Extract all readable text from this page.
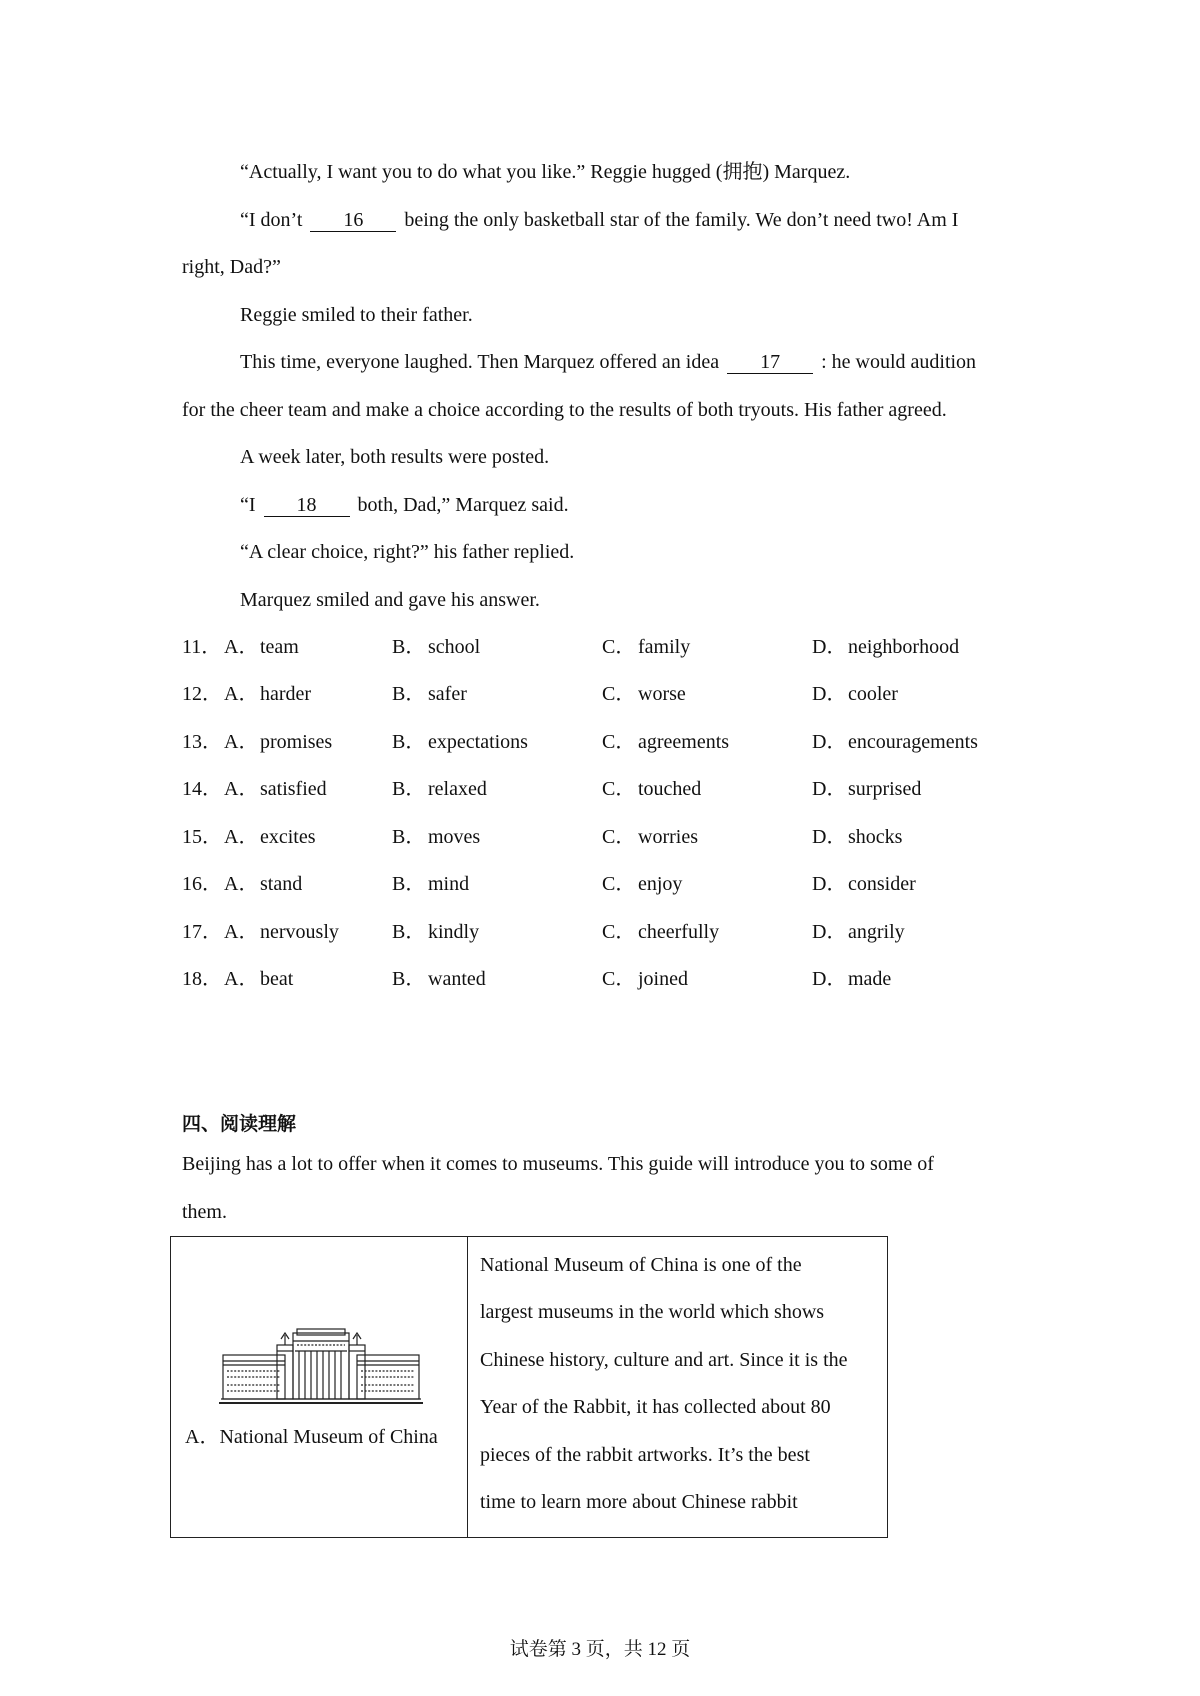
“Actually, I want you to do what you like.” Reggie hugged (拥抱) Marquez.
“I don’t 16 being the only basketball star of the family. We don’t need two! Am I
right, Dad?”
Reggie smiled to their father.
This time, everyone laughed. Then Marquez offered an idea 17 : he would audition
for the cheer team and make a choice according to the results of both tryouts. His father agreed.
A week later, both results were posted.
“I 18 both, Dad,” Marquez said.
“A clear choice, right?” his father replied.
Marquez smiled and gave his answer.
11． A．team	B． school	C． family	D．neighborhood
12． A．harder	B． safer	C． worse	D．cooler
13． A．promises	B． expectations	C． agreements	D．encouragements
14． A．satisfied	B． relaxed	C． touched	D．surprised
15． A．excites	B． moves	C． worries	D．shocks
16． A．stand	B． mind	C． enjoy	D．consider
17． A．nervously	B． kindly	C． cheerfully	D．angrily
18． A．beat	B． wanted	C． joined	D．made
四、阅读理解
Beijing has a lot to offer when it comes to museums. This guide will introduce you to some of
them.
A．National Museum of China

National Museum of China is one of the
largest museums in the world which shows
Chinese history, culture and art. Since it is the
Year of the Rabbit, it has collected about 80
pieces of the rabbit artworks. It’s the best
time to learn more about Chinese rabbit
试卷第 3 页，共 12 页
